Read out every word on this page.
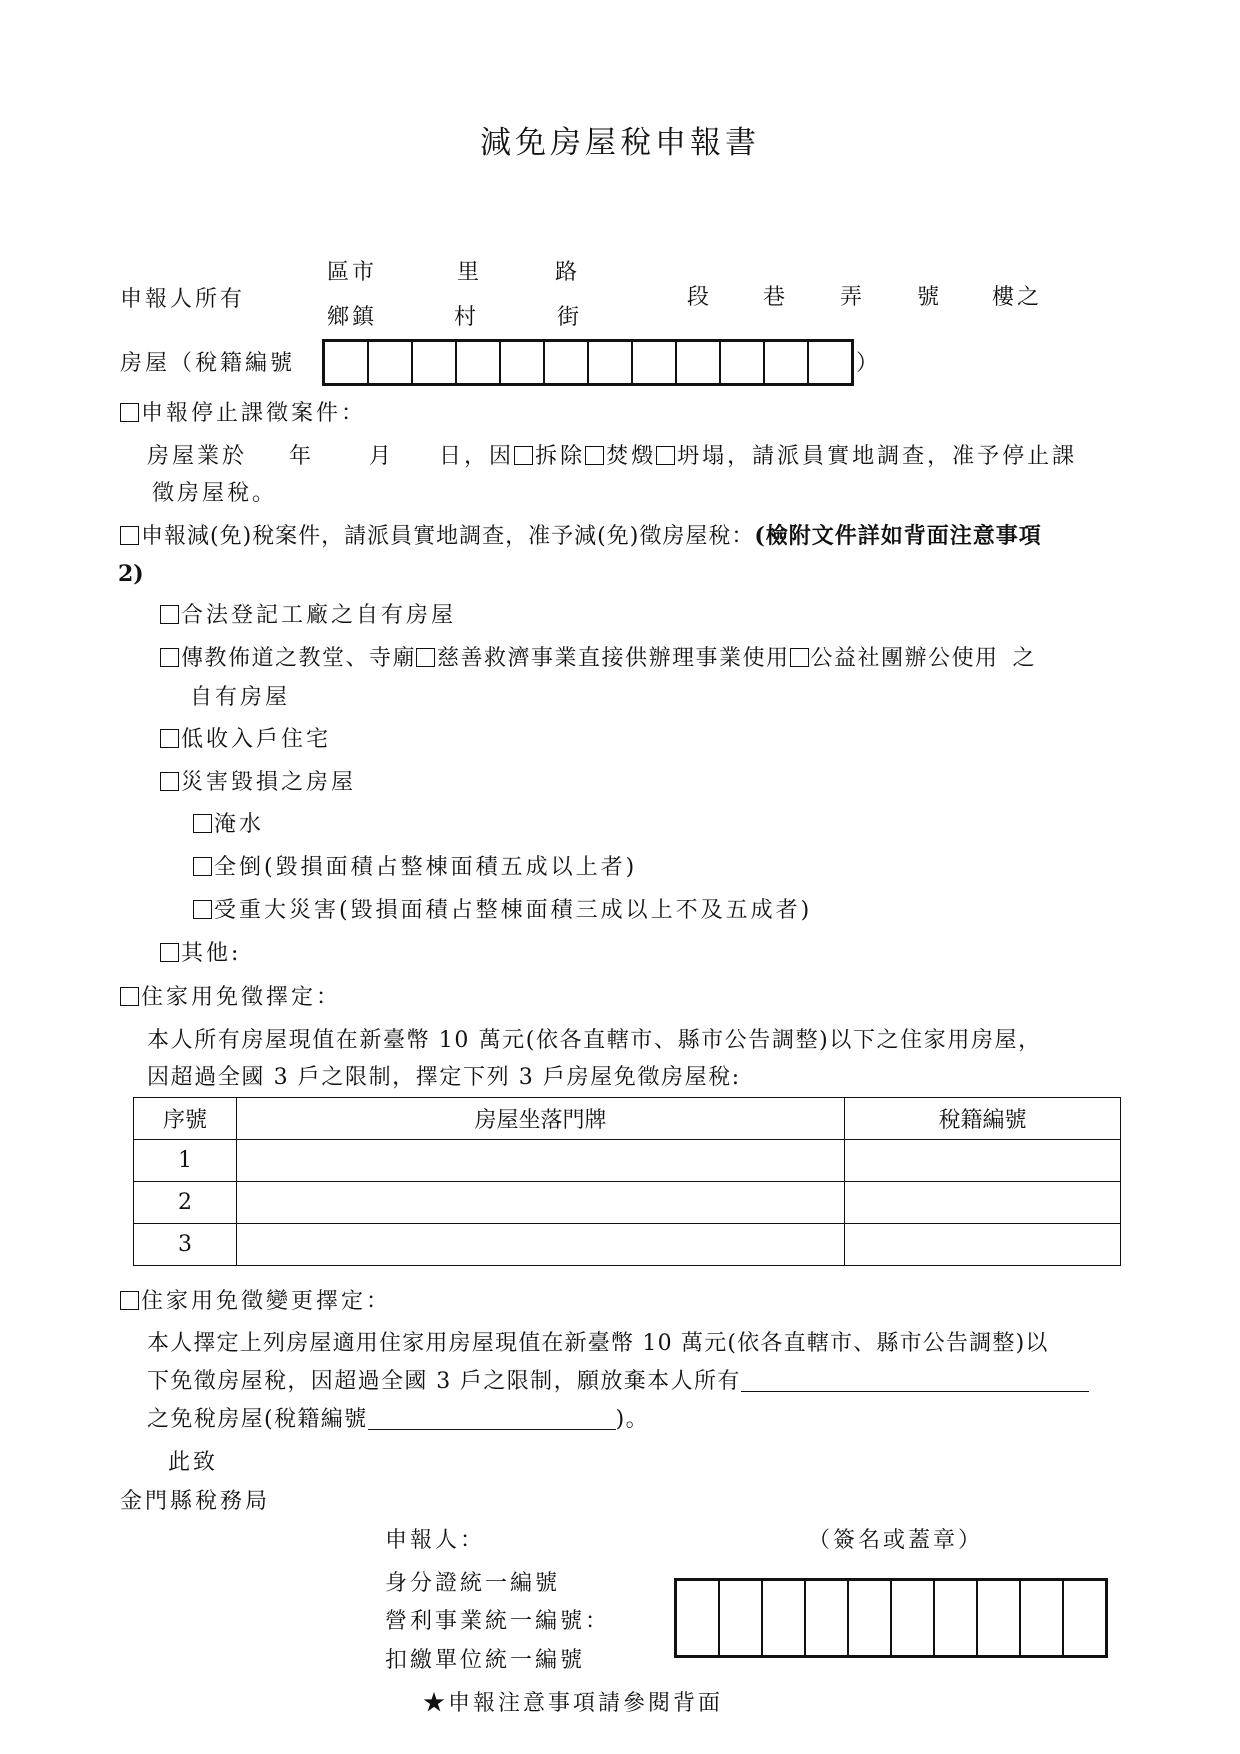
減免房屋稅申報書
申報人所有
區市	里	路
鄉鎮	村	街
段 巷 弄 號 樓之
房屋（稅籍編號	）
申報停止課徵案件：
房屋業於 年	月 日，因 拆除 焚燬 坍塌，請派員實地調查，准予停止課
徵房屋稅。
申報減(免)稅案件，請派員實地調查，准予減(免)徵房屋稅：(檢附文件詳如背面注意事項
2)
合法登記工廠之自有房屋
傳教佈道之教堂、寺廟 慈善救濟事業直接供辦理事業使用 公益社團辦公使用 之
自有房屋
低收入戶住宅
災害毀損之房屋
淹水
全倒(毀損面積占整棟面積五成以上者)
受重大災害(毀損面積占整棟面積三成以上不及五成者)
其他:
住家用免徵擇定：
本人所有房屋現值在新臺幣 10 萬元(依各直轄市、縣市公告調整)以下之住家用房屋，
因超過全國 3 戶之限制，擇定下列 3 戶房屋免徵房屋稅:
序號	房屋坐落門牌	稅籍編號
1		
2		
3		
住家用免徵變更擇定：
本人擇定上列房屋適用住家用房屋現值在新臺幣 10 萬元(依各直轄市、縣市公告調整)以
下免徵房屋稅，因超過全國 3 戶之限制，願放棄本人所有
之免稅房屋(稅籍編號	)。
此致
金門縣稅務局
申報人：	（簽名或蓋章）
身分證統一編號
營利事業統一編號：
扣繳單位統一編號
★申報注意事項請參閱背面
